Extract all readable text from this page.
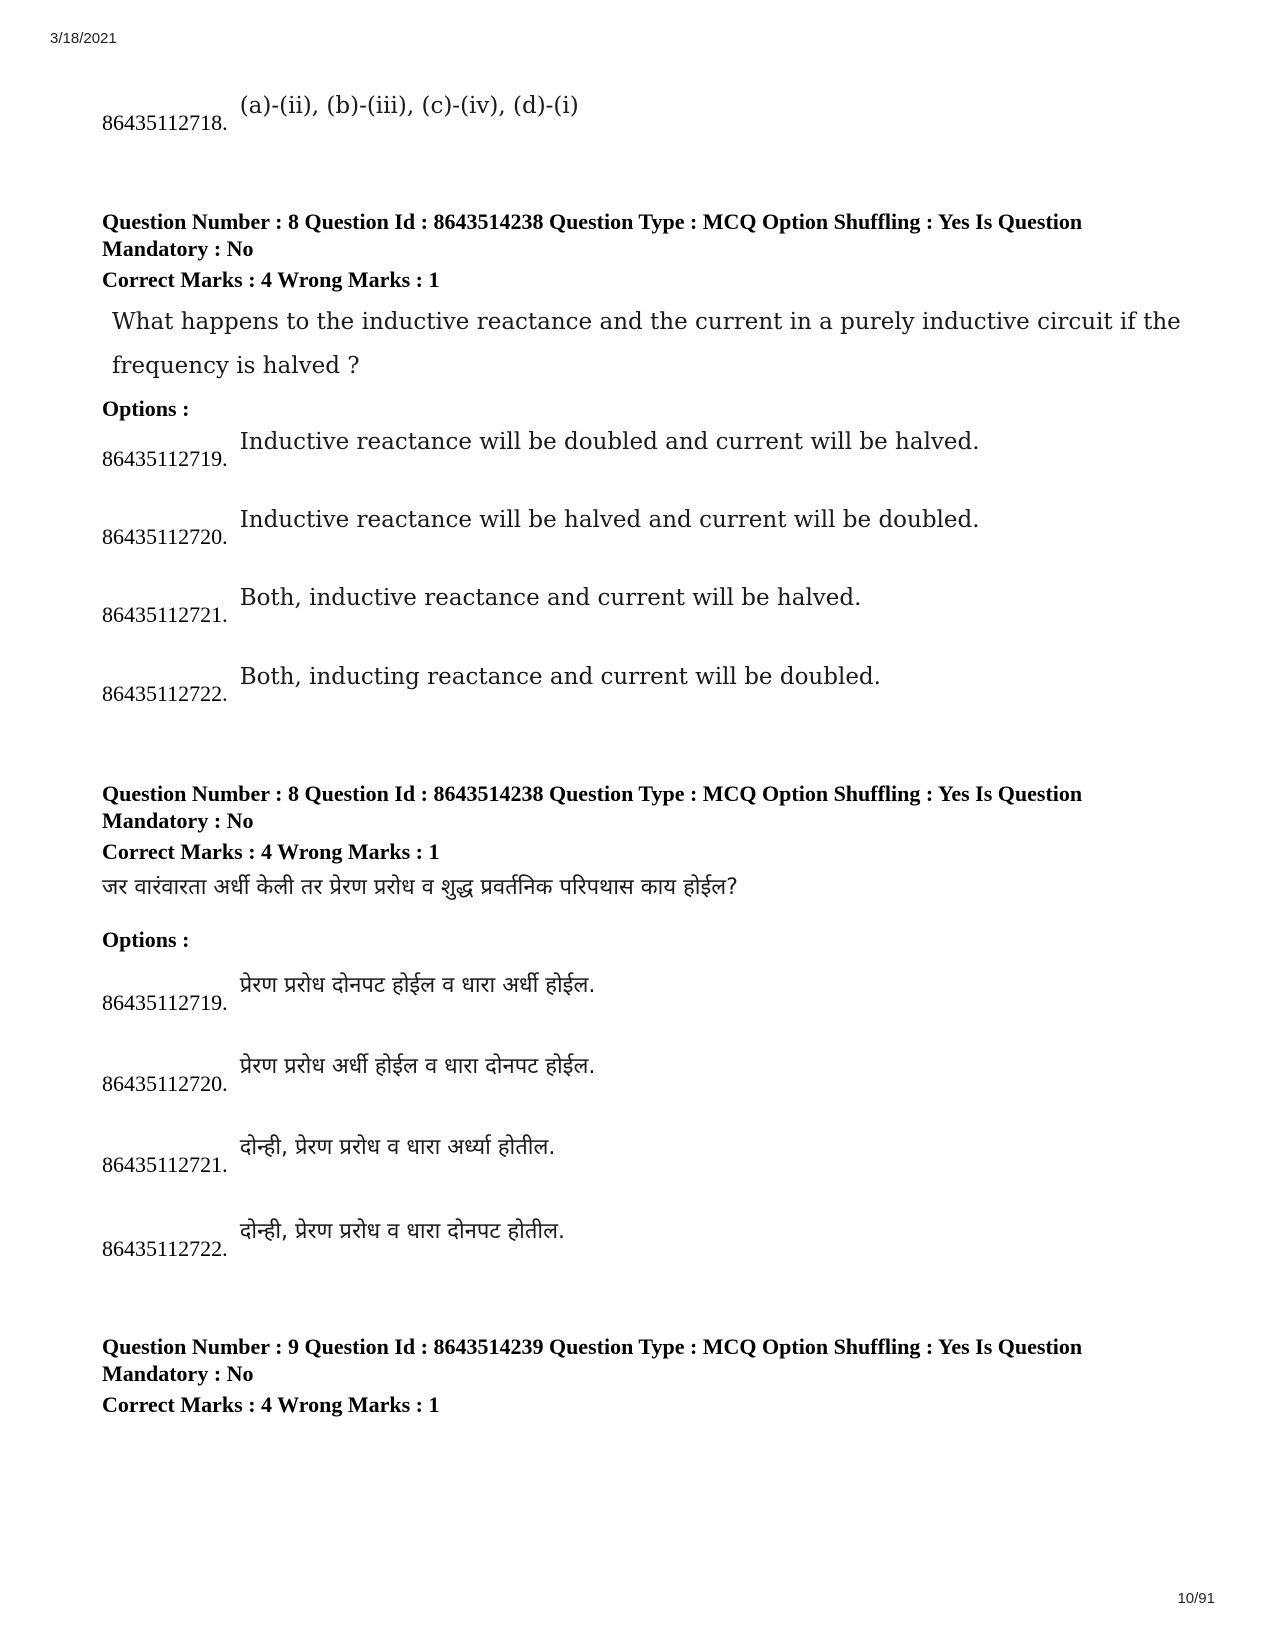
3/18/2021
86435112718.
(a)-(ii), (b)-(iii), (c)-(iv), (d)-(i)
Question Number : 8 Question Id : 8643514238 Question Type : MCQ Option Shuffling : Yes Is Question Mandatory : No
Correct Marks : 4 Wrong Marks : 1
What happens to the inductive reactance and the current in a purely inductive circuit if the frequency is halved ?
Options :
86435112719.
Inductive reactance will be doubled and current will be halved.
86435112720.
Inductive reactance will be halved and current will be doubled.
86435112721.
Both, inductive reactance and current will be halved.
86435112722.
Both, inducting reactance and current will be doubled.
Question Number : 8 Question Id : 8643514238 Question Type : MCQ Option Shuffling : Yes Is Question Mandatory : No
Correct Marks : 4 Wrong Marks : 1
जर वारंवारता अर्धी केली तर प्रेरण प्ररोध व शुद्ध प्रवर्तनिक परिपथास काय होईल?
Options :
86435112719.
प्रेरण प्ररोध दोनपट होईल व धारा अर्धी होईल.
86435112720.
प्रेरण प्ररोध अर्धी होईल व धारा दोनपट होईल.
86435112721.
दोन्ही, प्रेरण प्ररोध व धारा अर्ध्या होतील.
86435112722.
दोन्ही, प्रेरण प्ररोध व धारा दोनपट होतील.
Question Number : 9 Question Id : 8643514239 Question Type : MCQ Option Shuffling : Yes Is Question Mandatory : No
Correct Marks : 4 Wrong Marks : 1
10/91
